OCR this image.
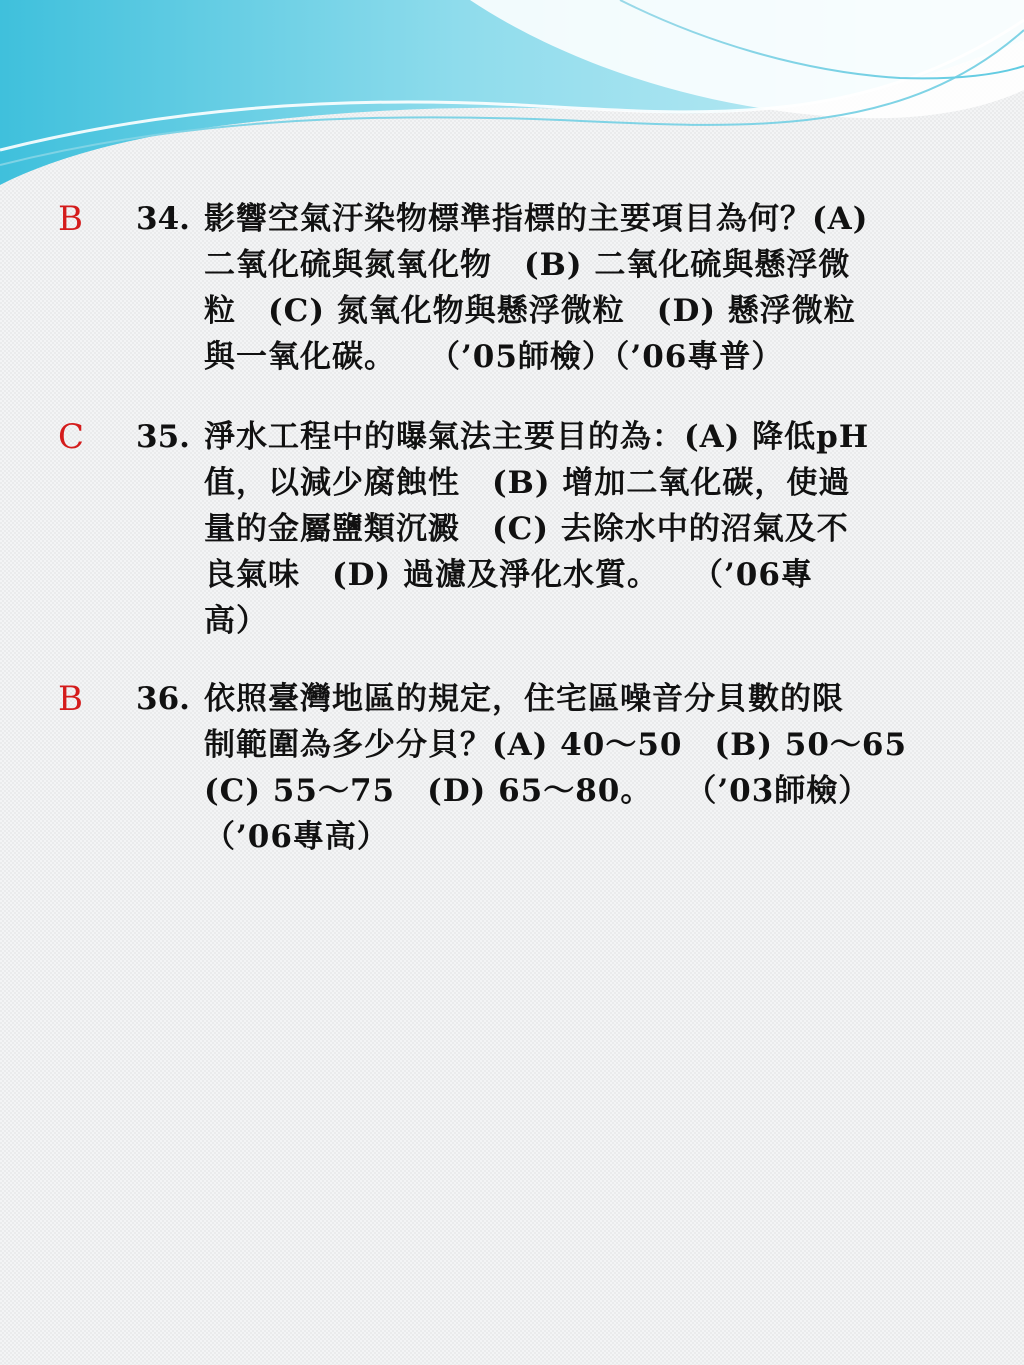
B 34. 影響空氣汙染物標準指標的主要項目為何？(A)
二氧化硫與氮氧化物　(B) 二氧化硫與懸浮微
粒　(C) 氮氧化物與懸浮微粒　(D) 懸浮微粒
與一氧化碳。　　（’05師檢）（’06專普）
C 35. 淨水工程中的曝氣法主要目的為：(A) 降低pH
值，以減少腐蝕性　(B) 增加二氧化碳，使過
量的金屬鹽類沉澱　(C) 去除水中的沼氣及不
良氣味　(D) 過濾及淨化水質。　　（’06專
高）
B 36. 依照臺灣地區的規定，住宅區噪音分貝數的限
制範圍為多少分貝？(A) 40～50　(B) 50～65
(C) 55～75　(D) 65～80。　　（’03師檢）
（’06專高）
